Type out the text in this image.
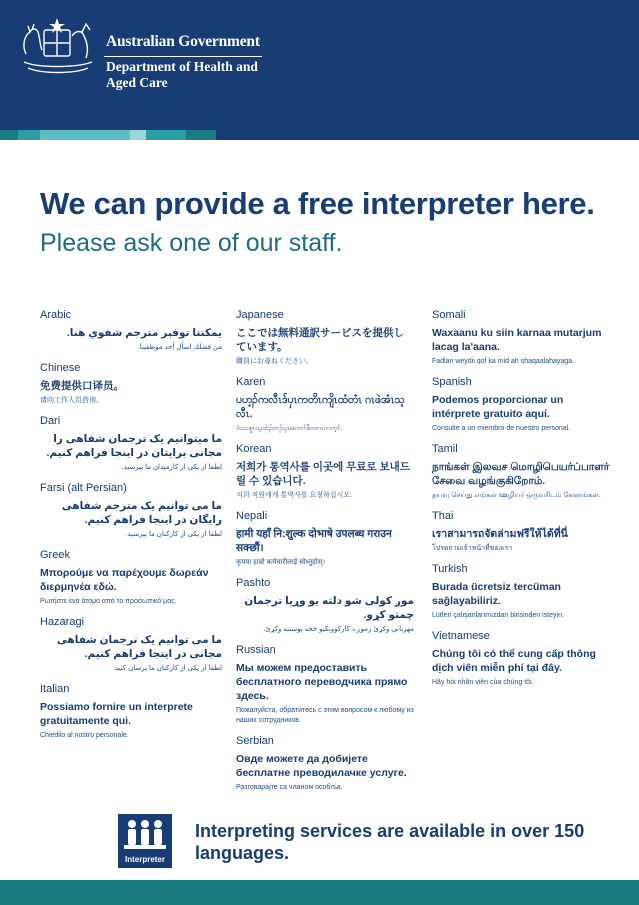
Australian Government
Department of Health and Aged Care
We can provide a free interpreter here.
Please ask one of our staff.
Arabic
يمكننا توفير مترجم شفوي هنا.
من فضلك اسأل أحد موظفينا.
Chinese
免费提供口译员。
请向工作人员咨询。
Dari
ما میتوانیم یک ترجمان شفاهی را مجانی برایتان در اینجا فراهم کنیم.
لطفا از یکی از کارمندان ما بپرسید.
Farsi (alt Persian)
ما می توانیم یک مترجم شفاهی رایگان در اینجا فراهم کنیم.
لطفا از یکی از کارکنان ما بپرسید.
Greek
Μπορούμε να παρέχουμε δωρεάν διερμηνέα εδώ.
Ρωτήστε ένα άτομο από το προσωπικό μας.
Hazaragi
ما می توانیم یک ترجمان شفاهی مجانی در اینجا فراهم کنیم.
لطفا از یکی از کارکنان ما پرسان کنید.
Italian
Possiamo fornire un interprete gratuitamente qui.
Chiedilo al nostro personale.
Japanese
ここでは無料通訳サービスを提供しています。
職員にお尋ねください。
Karen
ပဟ့ၣ်ကလီၤဒ်ပှၤကတိၤကျိၤထံတံၤ ဂၤဖဲအံၤသ့လီၤ.
ဝံသးစူၤဃ့ထံၣ်ဘၣ်ပှၤမၤတၢ်ဖိတဂၤတက့ၢ်.
Korean
저희가 통역사를 이곳에 무료로 보내드릴 수 있습니다.
저희 직원에게 통역사를 요청하십시오.
Nepali
हामी यहाँ नि:शुल्क दोभाषे उपलब्ध गराउन सक्छौं।
कृपया हाम्रो कर्मचारीलाई सोध्नुहोस्।
Pashto
موږ کولی شو دلته یو وړیا ترجمان چمتو کړو.
مهرباني وکړئ زموږ د کارکوونکیو څخه پوښتنه وکړئ.
Russian
Мы можем предоставить бесплатного переводчика прямо здесь.
Пожалуйста, обратитесь с этим вопросом к любому из наших сотрудников.
Serbian
Овде можете да добијете бесплатне преводилачке услуге.
Разговарајте са чланом особља.
Somali
Waxaanu ku siin karnaa mutarjum lacag la'aana.
Fadlan weydii qof ka mid ah shaqaalahayaga.
Spanish
Podemos proporcionar un intérprete gratuito aquí.
Consulte a un miembro de nuestro personal.
Tamil
நாங்கள் இலவச மொழிபெயர்ப்பாளர் சேவை வழங்குகிறோம்.
தயவு செய்து எங்கள் ஊழியர் ஒருவரிடம் கேளுங்கள்.
Thai
เราสามารถจัดล่ามฟรีให้ได้ที่นี่
โปรดถามเจ้าหน้าที่ของเรา
Turkish
Burada ücretsiz tercüman sağlayabiliriz.
Lütfen çalışanlarımızdan birisinden isteyin.
Vietnamese
Chúng tôi có thể cung cấp thông dịch viên miễn phí tại đây.
Hãy hỏi nhân viên của chúng tôi.
Interpreter
Interpreting services are available in over 150 languages.
